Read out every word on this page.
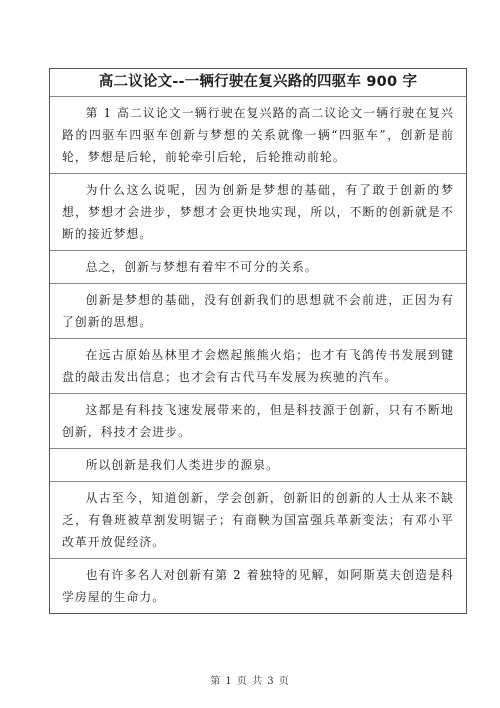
高二议论文--一辆行驶在复兴路的四驱车 900 字
第 1 高二议论文一辆行驶在复兴路的高二议论文一辆行驶在复兴路的四驱车四驱车创新与梦想的关系就像一辆“四驱车”，创新是前轮，梦想是后轮，前轮牵引后轮，后轮推动前轮。
为什么这么说呢，因为创新是梦想的基础，有了敢于创新的梦想，梦想才会进步，梦想才会更快地实现，所以，不断的创新就是不断的接近梦想。
总之，创新与梦想有着牢不可分的关系。
创新是梦想的基础，没有创新我们的思想就不会前进，正因为有了创新的思想。
在远古原始丛林里才会燃起熊熊火焰；也才有飞鸽传书发展到键盘的敲击发出信息；也才会有古代马车发展为疾驰的汽车。
这都是有科技飞速发展带来的，但是科技源于创新，只有不断地创新，科技才会进步。
所以创新是我们人类进步的源泉。
从古至今，知道创新，学会创新，创新旧的创新的人士从来不缺乏，有鲁班被草割发明锯子；有商鞅为国富强兵革新变法；有邓小平改革开放促经济。
也有许多名人对创新有第 2 着独特的见解，如阿斯莫夫创造是科学房屋的生命力。
第 1 页 共 3 页
